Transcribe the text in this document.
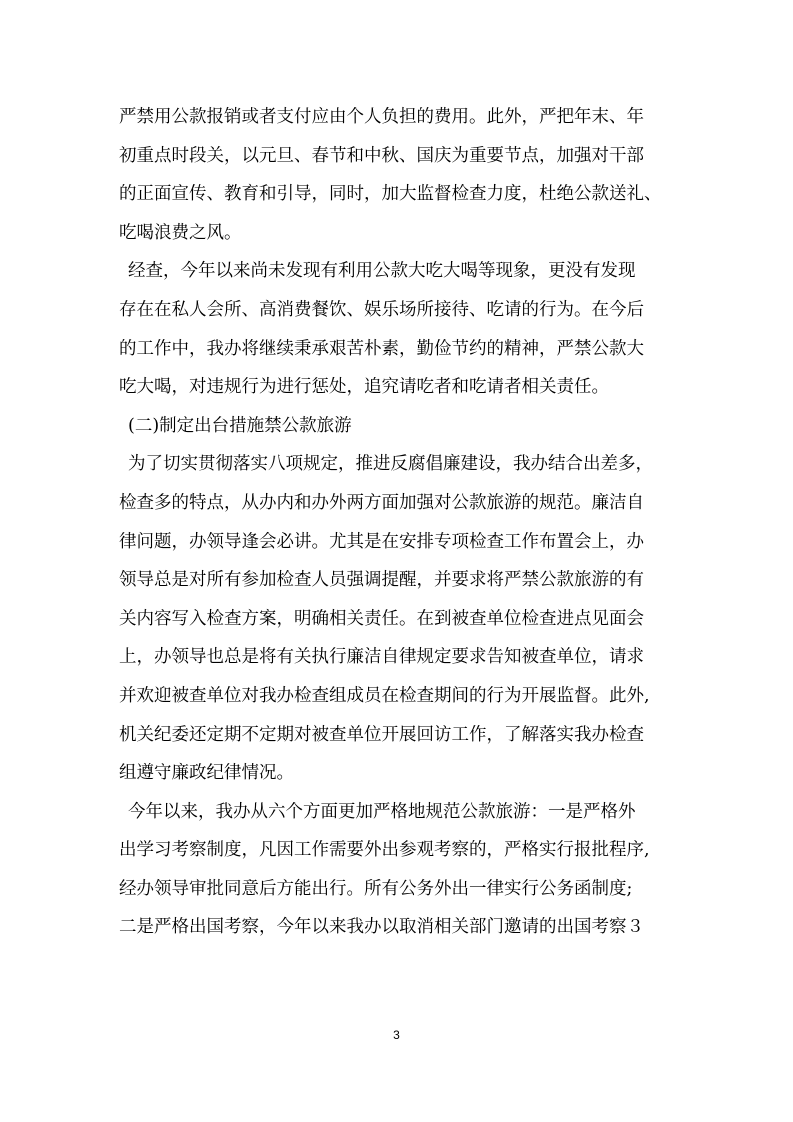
严禁用公款报销或者支付应由个人负担的费用。此外，严把年末、年
初重点时段关，以元旦、春节和中秋、国庆为重要节点，加强对干部
的正面宣传、教育和引导，同时，加大监督检查力度，杜绝公款送礼、
吃喝浪费之风。
经查，今年以来尚未发现有利用公款大吃大喝等现象，更没有发现
存在在私人会所、高消费餐饮、娱乐场所接待、吃请的行为。在今后
的工作中，我办将继续秉承艰苦朴素，勤俭节约的精神，严禁公款大
吃大喝，对违规行为进行惩处，追究请吃者和吃请者相关责任。
(二)制定出台措施禁公款旅游
为了切实贯彻落实八项规定，推进反腐倡廉建设，我办结合出差多，
检查多的特点，从办内和办外两方面加强对公款旅游的规范。廉洁自
律问题，办领导逢会必讲。尤其是在安排专项检查工作布置会上，办
领导总是对所有参加检查人员强调提醒，并要求将严禁公款旅游的有
关内容写入检查方案，明确相关责任。在到被查单位检查进点见面会
上，办领导也总是将有关执行廉洁自律规定要求告知被查单位，请求
并欢迎被查单位对我办检查组成员在检查期间的行为开展监督。此外,
机关纪委还定期不定期对被查单位开展回访工作，了解落实我办检查
组遵守廉政纪律情况。
今年以来，我办从六个方面更加严格地规范公款旅游：一是严格外
出学习考察制度，凡因工作需要外出参观考察的，严格实行报批程序,
经办领导审批同意后方能出行。所有公务外出一律实行公务函制度;
二是严格出国考察，今年以来我办以取消相关部门邀请的出国考察３
3
